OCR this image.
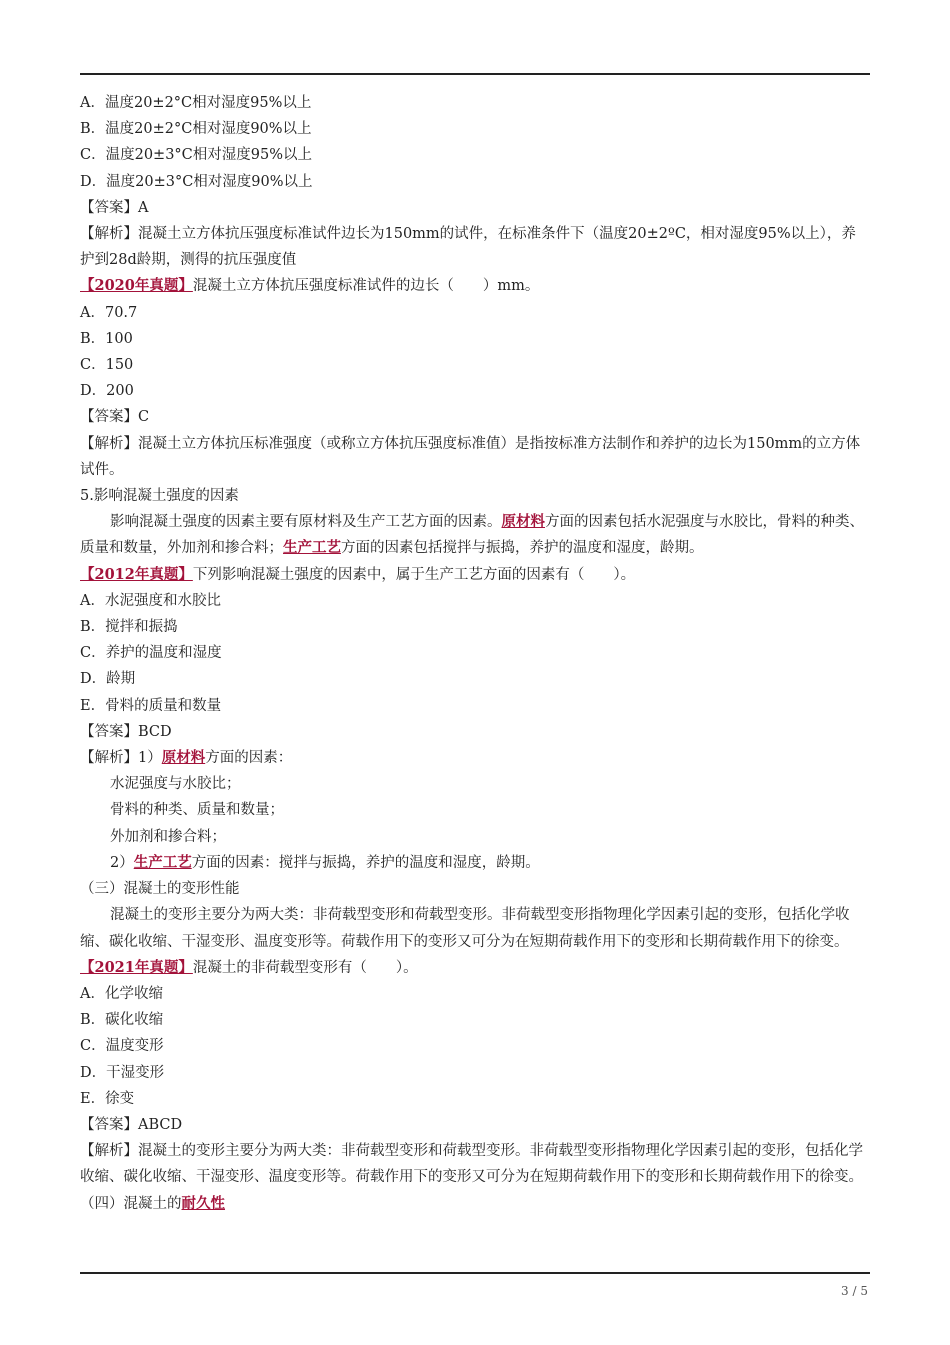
A．温度20±2°C相对湿度95%以上
B．温度20±2°C相对湿度90%以上
C．温度20±3°C相对湿度95%以上
D．温度20±3°C相对湿度90%以上
【答案】A
【解析】混凝土立方体抗压强度标准试件边长为150mm的试件，在标准条件下（温度20±2ºC，相对湿度95%以上），养护到28d龄期，测得的抗压强度值
【2020年真题】混凝土立方体抗压强度标准试件的边长（　　）mm。
A．70.7
B．100
C．150
D．200
【答案】C
【解析】混凝土立方体抗压标准强度（或称立方体抗压强度标准值）是指按标准方法制作和养护的边长为150mm的立方体试件。
5.影响混凝土强度的因素
影响混凝土强度的因素主要有原材料及生产工艺方面的因素。原材料方面的因素包括水泥强度与水胶比，骨料的种类、质量和数量，外加剂和掺合料；生产工艺方面的因素包括搅拌与振捣，养护的温度和湿度，龄期。
【2012年真题】下列影响混凝土强度的因素中，属于生产工艺方面的因素有（　　）。
A．水泥强度和水胶比
B．搅拌和振捣
C．养护的温度和湿度
D．龄期
E．骨料的质量和数量
【答案】BCD
【解析】1）原材料方面的因素：
水泥强度与水胶比；
骨料的种类、质量和数量；
外加剂和掺合料；
2）生产工艺方面的因素：搅拌与振捣，养护的温度和湿度，龄期。
（三）混凝土的变形性能
混凝土的变形主要分为两大类：非荷载型变形和荷载型变形。非荷载型变形指物理化学因素引起的变形，包括化学收缩、碳化收缩、干湿变形、温度变形等。荷载作用下的变形又可分为在短期荷载作用下的变形和长期荷载作用下的徐变。
【2021年真题】混凝土的非荷载型变形有（　　）。
A．化学收缩
B．碳化收缩
C．温度变形
D．干湿变形
E．徐变
【答案】ABCD
【解析】混凝土的变形主要分为两大类：非荷载型变形和荷载型变形。非荷载型变形指物理化学因素引起的变形，包括化学收缩、碳化收缩、干湿变形、温度变形等。荷载作用下的变形又可分为在短期荷载作用下的变形和长期荷载作用下的徐变。
（四）混凝土的耐久性
3 / 5
